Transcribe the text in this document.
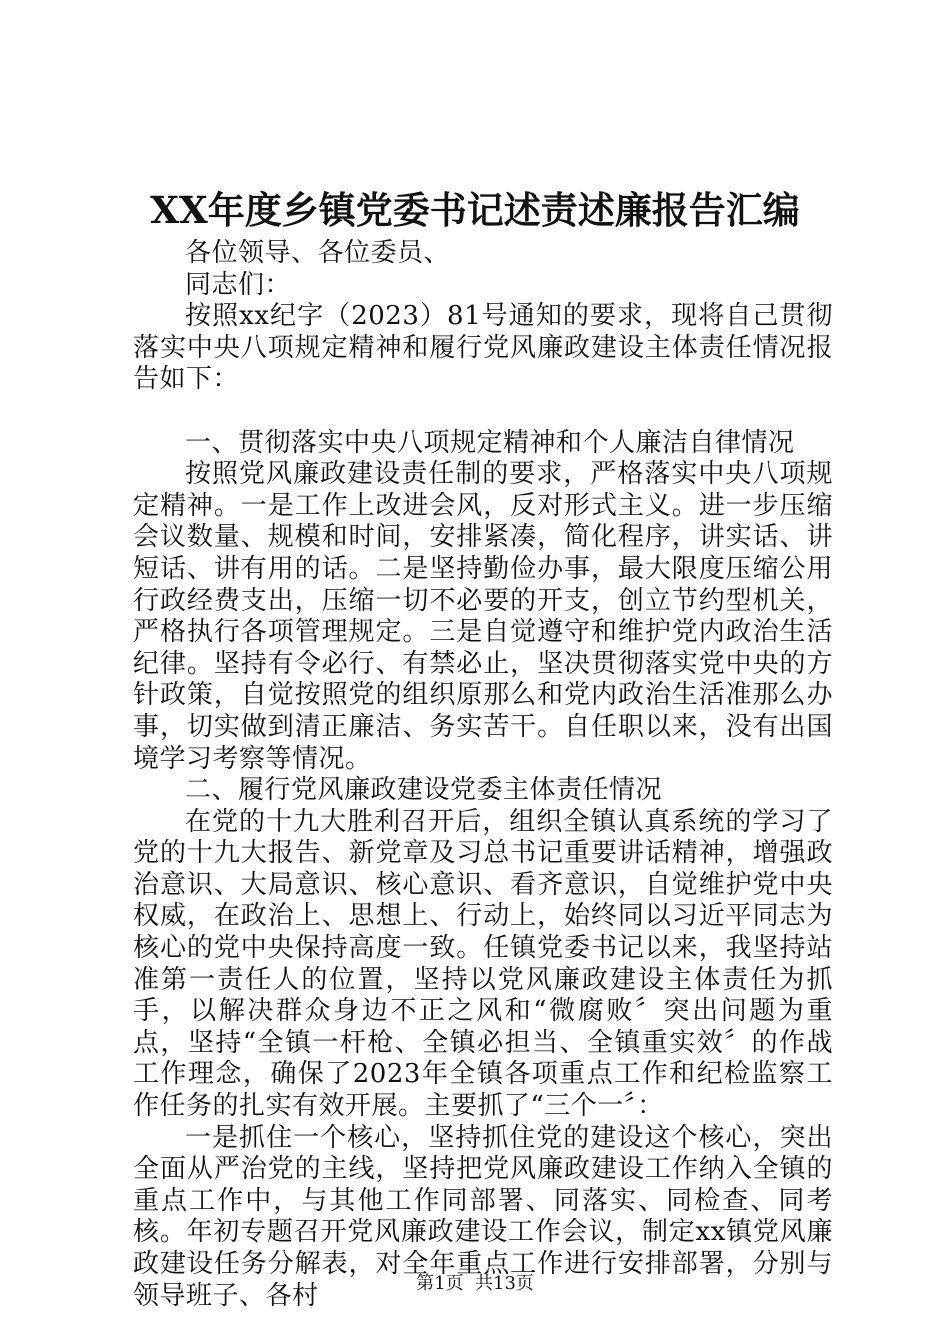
XX年度乡镇党委书记述责述廉报告汇编

各位领导、各位委员、

同志们：

按照xx纪字（2023）81号通知的要求，现将自己贯彻落实中央八项规定精神和履行党风廉政建设主体责任情况报告如下：

一、贯彻落实中央八项规定精神和个人廉洁自律情况

按照党风廉政建设责任制的要求，严格落实中央八项规定精神。一是工作上改进会风，反对形式主义。进一步压缩会议数量、规模和时间，安排紧凑，简化程序，讲实话、讲短话、讲有用的话。二是坚持勤俭办事，最大限度压缩公用行政经费支出，压缩一切不必要的开支，创立节约型机关，严格执行各项管理规定。三是自觉遵守和维护党内政治生活纪律。坚持有令必行、有禁必止，坚决贯彻落实党中央的方针政策，自觉按照党的组织原那么和党内政治生活准那么办事，切实做到清正廉洁、务实苦干。自任职以来，没有出国境学习考察等情况。

二、履行党风廉政建设党委主体责任情况

在党的十九大胜利召开后，组织全镇认真系统的学习了党的十九大报告、新党章及习总书记重要讲话精神，增强政治意识、大局意识、核心意识、看齐意识，自觉维护党中央权威，在政治上、思想上、行动上，始终同以习近平同志为核心的党中央保持高度一致。任镇党委书记以来，我坚持站准第一责任人的位置，坚持以党风廉政建设主体责任为抓手，以解决群众身边不正之风和“微腐败〞突出问题为重点，坚持“全镇一杆枪、全镇必担当、全镇重实效〞的作战工作理念，确保了2023年全镇各项重点工作和纪检监察工作任务的扎实有效开展。主要抓了“三个一〞：

一是抓住一个核心，坚持抓住党的建设这个核心，突出全面从严治党的主线，坚持把党风廉政建设工作纳入全镇的重点工作中，与其他工作同部署、同落实、同检查、同考核。年初专题召开党风廉政建设工作会议，制定xx镇党风廉政建设任务分解表，对全年重点工作进行安排部署，分别与领导班子、各村	第1页 共13页
